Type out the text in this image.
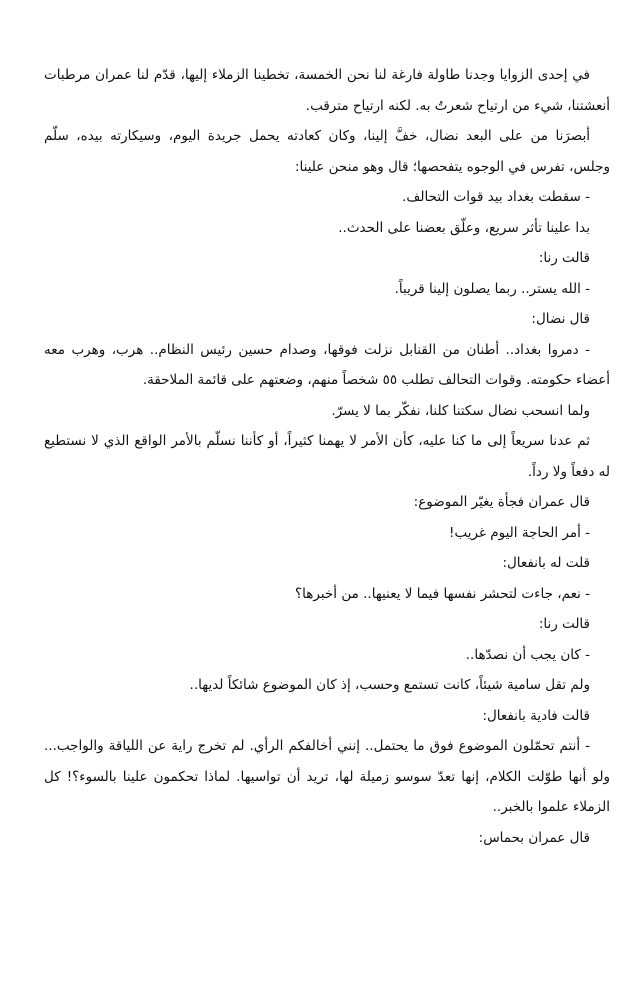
في إحدى الزوايا وجدنا طاولة فارغة لنا نحن الخمسة، تخطينا الزملاء إليها، قدّم لنا عمران مرطبات أنعشتنا، شيء من ارتياح شعرتُ به. لكنه ارتياح مترقب.

أبصرَنا من على البعد نضال، خفَّ إلينا، وكان كعادته يحمل جريدة اليوم، وسيكارته بيده، سلّم وجلس، تفرس في الوجوه يتفحصها؛ قال وهو منحن علينا:

- سقطت بغداد بيد قوات التحالف.

بدا علينا تأثر سريع، وعلّق بعضنا على الحدث..

قالت رنا:

- الله يستر.. ربما يصلون إلينا قريباً.

قال نضال:

- دمروا بغداد.. أطنان من القنابل نزلت فوقها، وصدام حسين رئيس النظام.. هرب، وهرب معه أعضاء حكومته. وقوات التحالف تطلب ٥٥ شخصاً منهم، وضعتهم على قائمة الملاحقة.

ولما انسحب نضال سكتنا كلنا، نفكّر بما لا يسرّ.

ثم عدنا سريعاً إلى ما كنا عليه، كأن الأمر لا يهمنا كثيراً، أو كأننا نسلّم بالأمر الواقع الذي لا نستطيع له دفعاً ولا رداً.

قال عمران فجأة يغيّر الموضوع:

- أمر الحاجة اليوم غريب!

قلت له بانفعال:

- نعم، جاءت لتحشر نفسها فيما لا يعنيها.. من أخبرها؟

قالت رنا:

- كان يجب أن نصدّها..

ولم تقل سامية شيئاً، كانت تستمع وحسب، إذ كان الموضوع شائكاً لديها..

قالت فادية بانفعال:

- أنتم تحمّلون الموضوع فوق ما يحتمل.. إنني أخالفكم الرأي. لم تخرج راية عن اللياقة والواجب... ولو أنها طوّلت الكلام، إنها تعدّ سوسو زميلة لها، تريد أن تواسيها. لماذا تحكمون علينا بالسوء؟! كل الزملاء علموا بالخبر..

قال عمران بحماس:
